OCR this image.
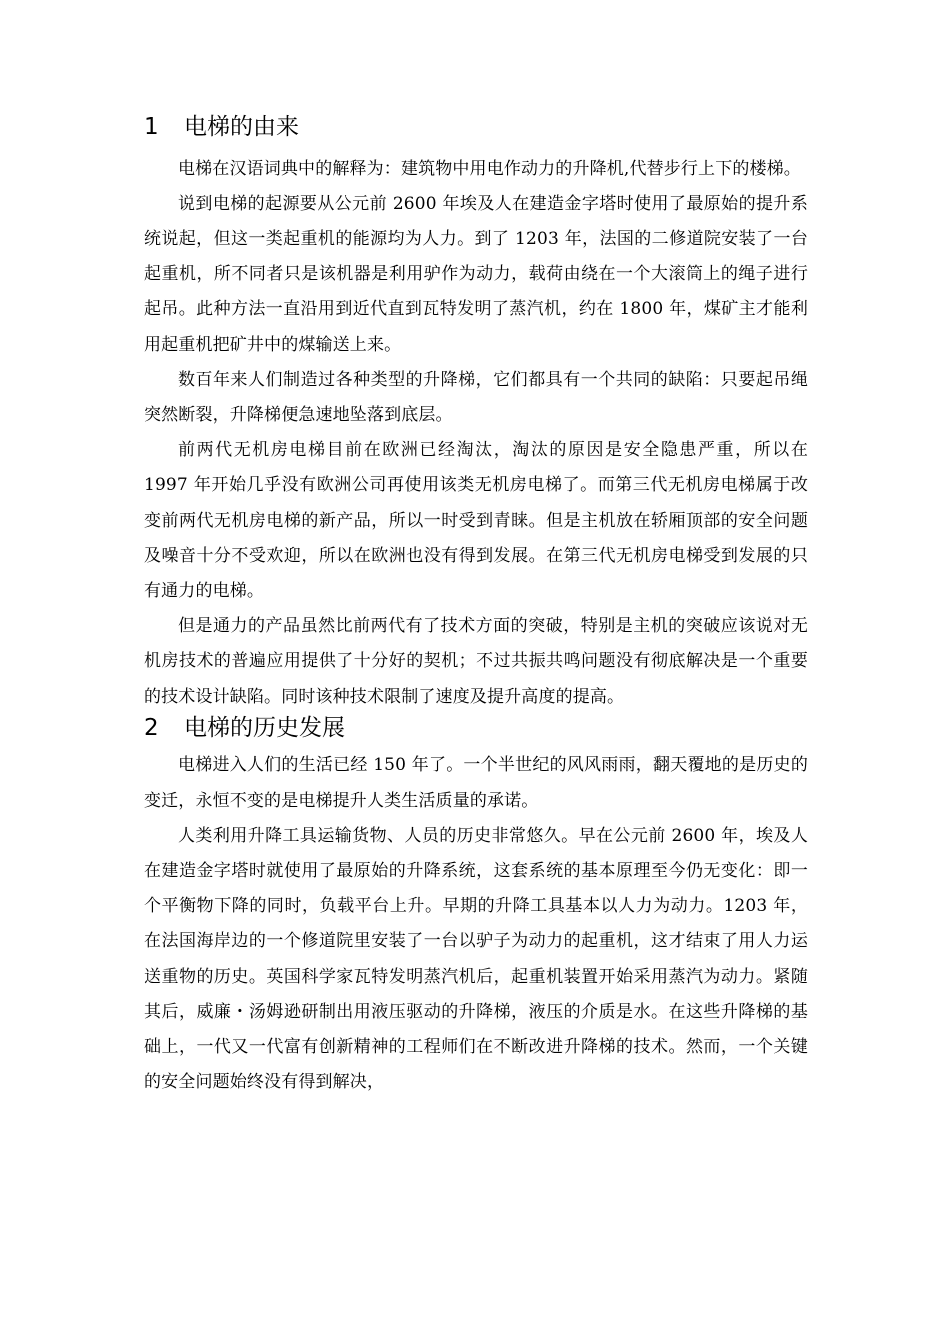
1	电梯的由来

电梯在汉语词典中的解释为：建筑物中用电作动力的升降机,代替步行上下的楼梯。

说到电梯的起源要从公元前 2600 年埃及人在建造金字塔时使用了最原始的提升系统说起，但这一类起重机的能源均为人力。到了 1203 年，法国的二修道院安装了一台起重机，所不同者只是该机器是利用驴作为动力，载荷由绕在一个大滚筒上的绳子进行起吊。此种方法一直沿用到近代直到瓦特发明了蒸汽机，约在 1800 年，煤矿主才能利用起重机把矿井中的煤输送上来。

数百年来人们制造过各种类型的升降梯，它们都具有一个共同的缺陷：只要起吊绳突然断裂，升降梯便急速地坠落到底层。

前两代无机房电梯目前在欧洲已经淘汰，淘汰的原因是安全隐患严重，所以在 1997 年开始几乎没有欧洲公司再使用该类无机房电梯了。而第三代无机房电梯属于改变前两代无机房电梯的新产品，所以一时受到青睐。但是主机放在轿厢顶部的安全问题及噪音十分不受欢迎，所以在欧洲也没有得到发展。在第三代无机房电梯受到发展的只有通力的电梯。

但是通力的产品虽然比前两代有了技术方面的突破，特别是主机的突破应该说对无机房技术的普遍应用提供了十分好的契机；不过共振共鸣问题没有彻底解决是一个重要的技术设计缺陷。同时该种技术限制了速度及提升高度的提高。

2	电梯的历史发展

电梯进入人们的生活已经 150 年了。一个半世纪的风风雨雨，翻天覆地的是历史的变迁，永恒不变的是电梯提升人类生活质量的承诺。

人类利用升降工具运输货物、人员的历史非常悠久。早在公元前 2600 年，埃及人在建造金字塔时就使用了最原始的升降系统，这套系统的基本原理至今仍无变化：即一个平衡物下降的同时，负载平台上升。早期的升降工具基本以人力为动力。1203 年，在法国海岸边的一个修道院里安装了一台以驴子为动力的起重机，这才结束了用人力运送重物的历史。英国科学家瓦特发明蒸汽机后，起重机装置开始采用蒸汽为动力。紧随其后，威廉・汤姆逊研制出用液压驱动的升降梯，液压的介质是水。在这些升降梯的基础上，一代又一代富有创新精神的工程师们在不断改进升降梯的技术。然而，一个关键的安全问题始终没有得到解决，
